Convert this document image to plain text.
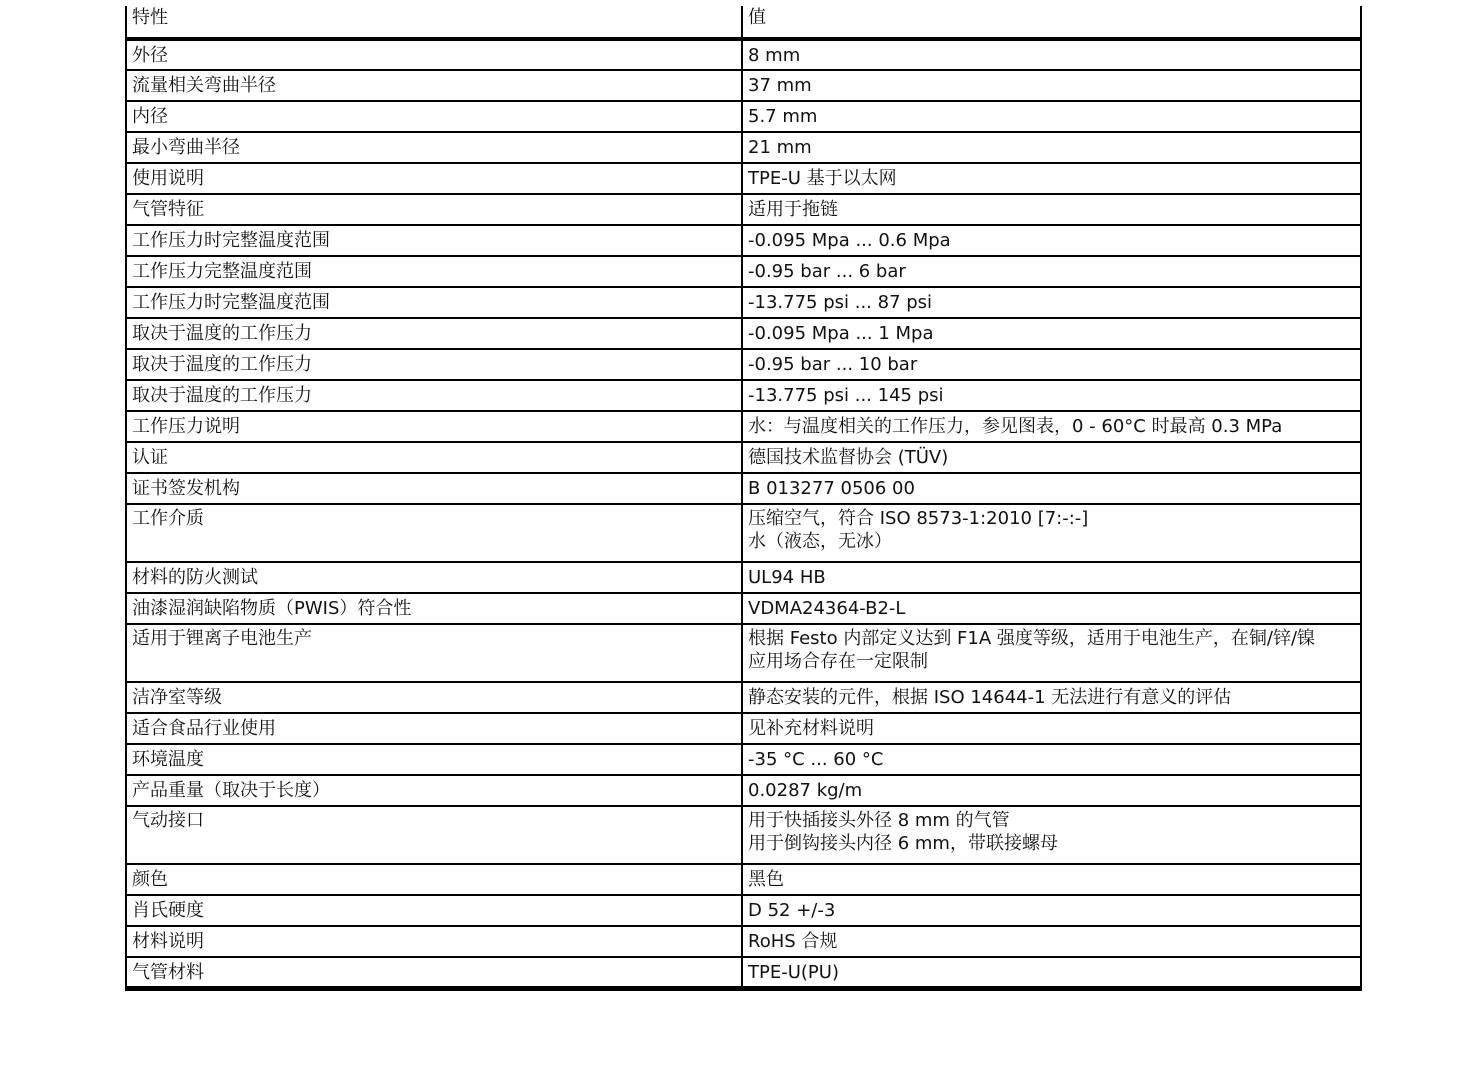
特性	值
外径	8 mm
流量相关弯曲半径	37 mm
内径	5.7 mm
最小弯曲半径	21 mm
使用说明	TPE-U 基于以太网
气管特征	适用于拖链
工作压力时完整温度范围	-0.095 Mpa ... 0.6 Mpa
工作压力完整温度范围	-0.95 bar ... 6 bar
工作压力时完整温度范围	-13.775 psi ... 87 psi
取决于温度的工作压力	-0.095 Mpa ... 1 Mpa
取决于温度的工作压力	-0.95 bar ... 10 bar
取决于温度的工作压力	-13.775 psi ... 145 psi
工作压力说明	水：与温度相关的工作压力，参见图表，0 - 60°C 时最高 0.3 MPa
认证	德国技术监督协会 (TÜV)
证书签发机构	B 013277 0506 00
工作介质	压缩空气，符合 ISO 8573-1:2010 [7:-:-]
水（液态，无冰）
材料的防火测试	UL94 HB
油漆湿润缺陷物质（PWIS）符合性	VDMA24364-B2-L
适用于锂离子电池生产	根据 Festo 内部定义达到 F1A 强度等级，适用于电池生产，在铜/锌/镍
应用场合存在一定限制
洁净室等级	静态安装的元件，根据 ISO 14644-1 无法进行有意义的评估
适合食品行业使用	见补充材料说明
环境温度	-35 °C ... 60 °C
产品重量（取决于长度）	0.0287 kg/m
气动接口	用于快插接头外径 8 mm 的气管
用于倒钩接头内径 6 mm，带联接螺母
颜色	黑色
肖氏硬度	D 52 +/-3
材料说明	RoHS 合规
气管材料	TPE-U(PU)
